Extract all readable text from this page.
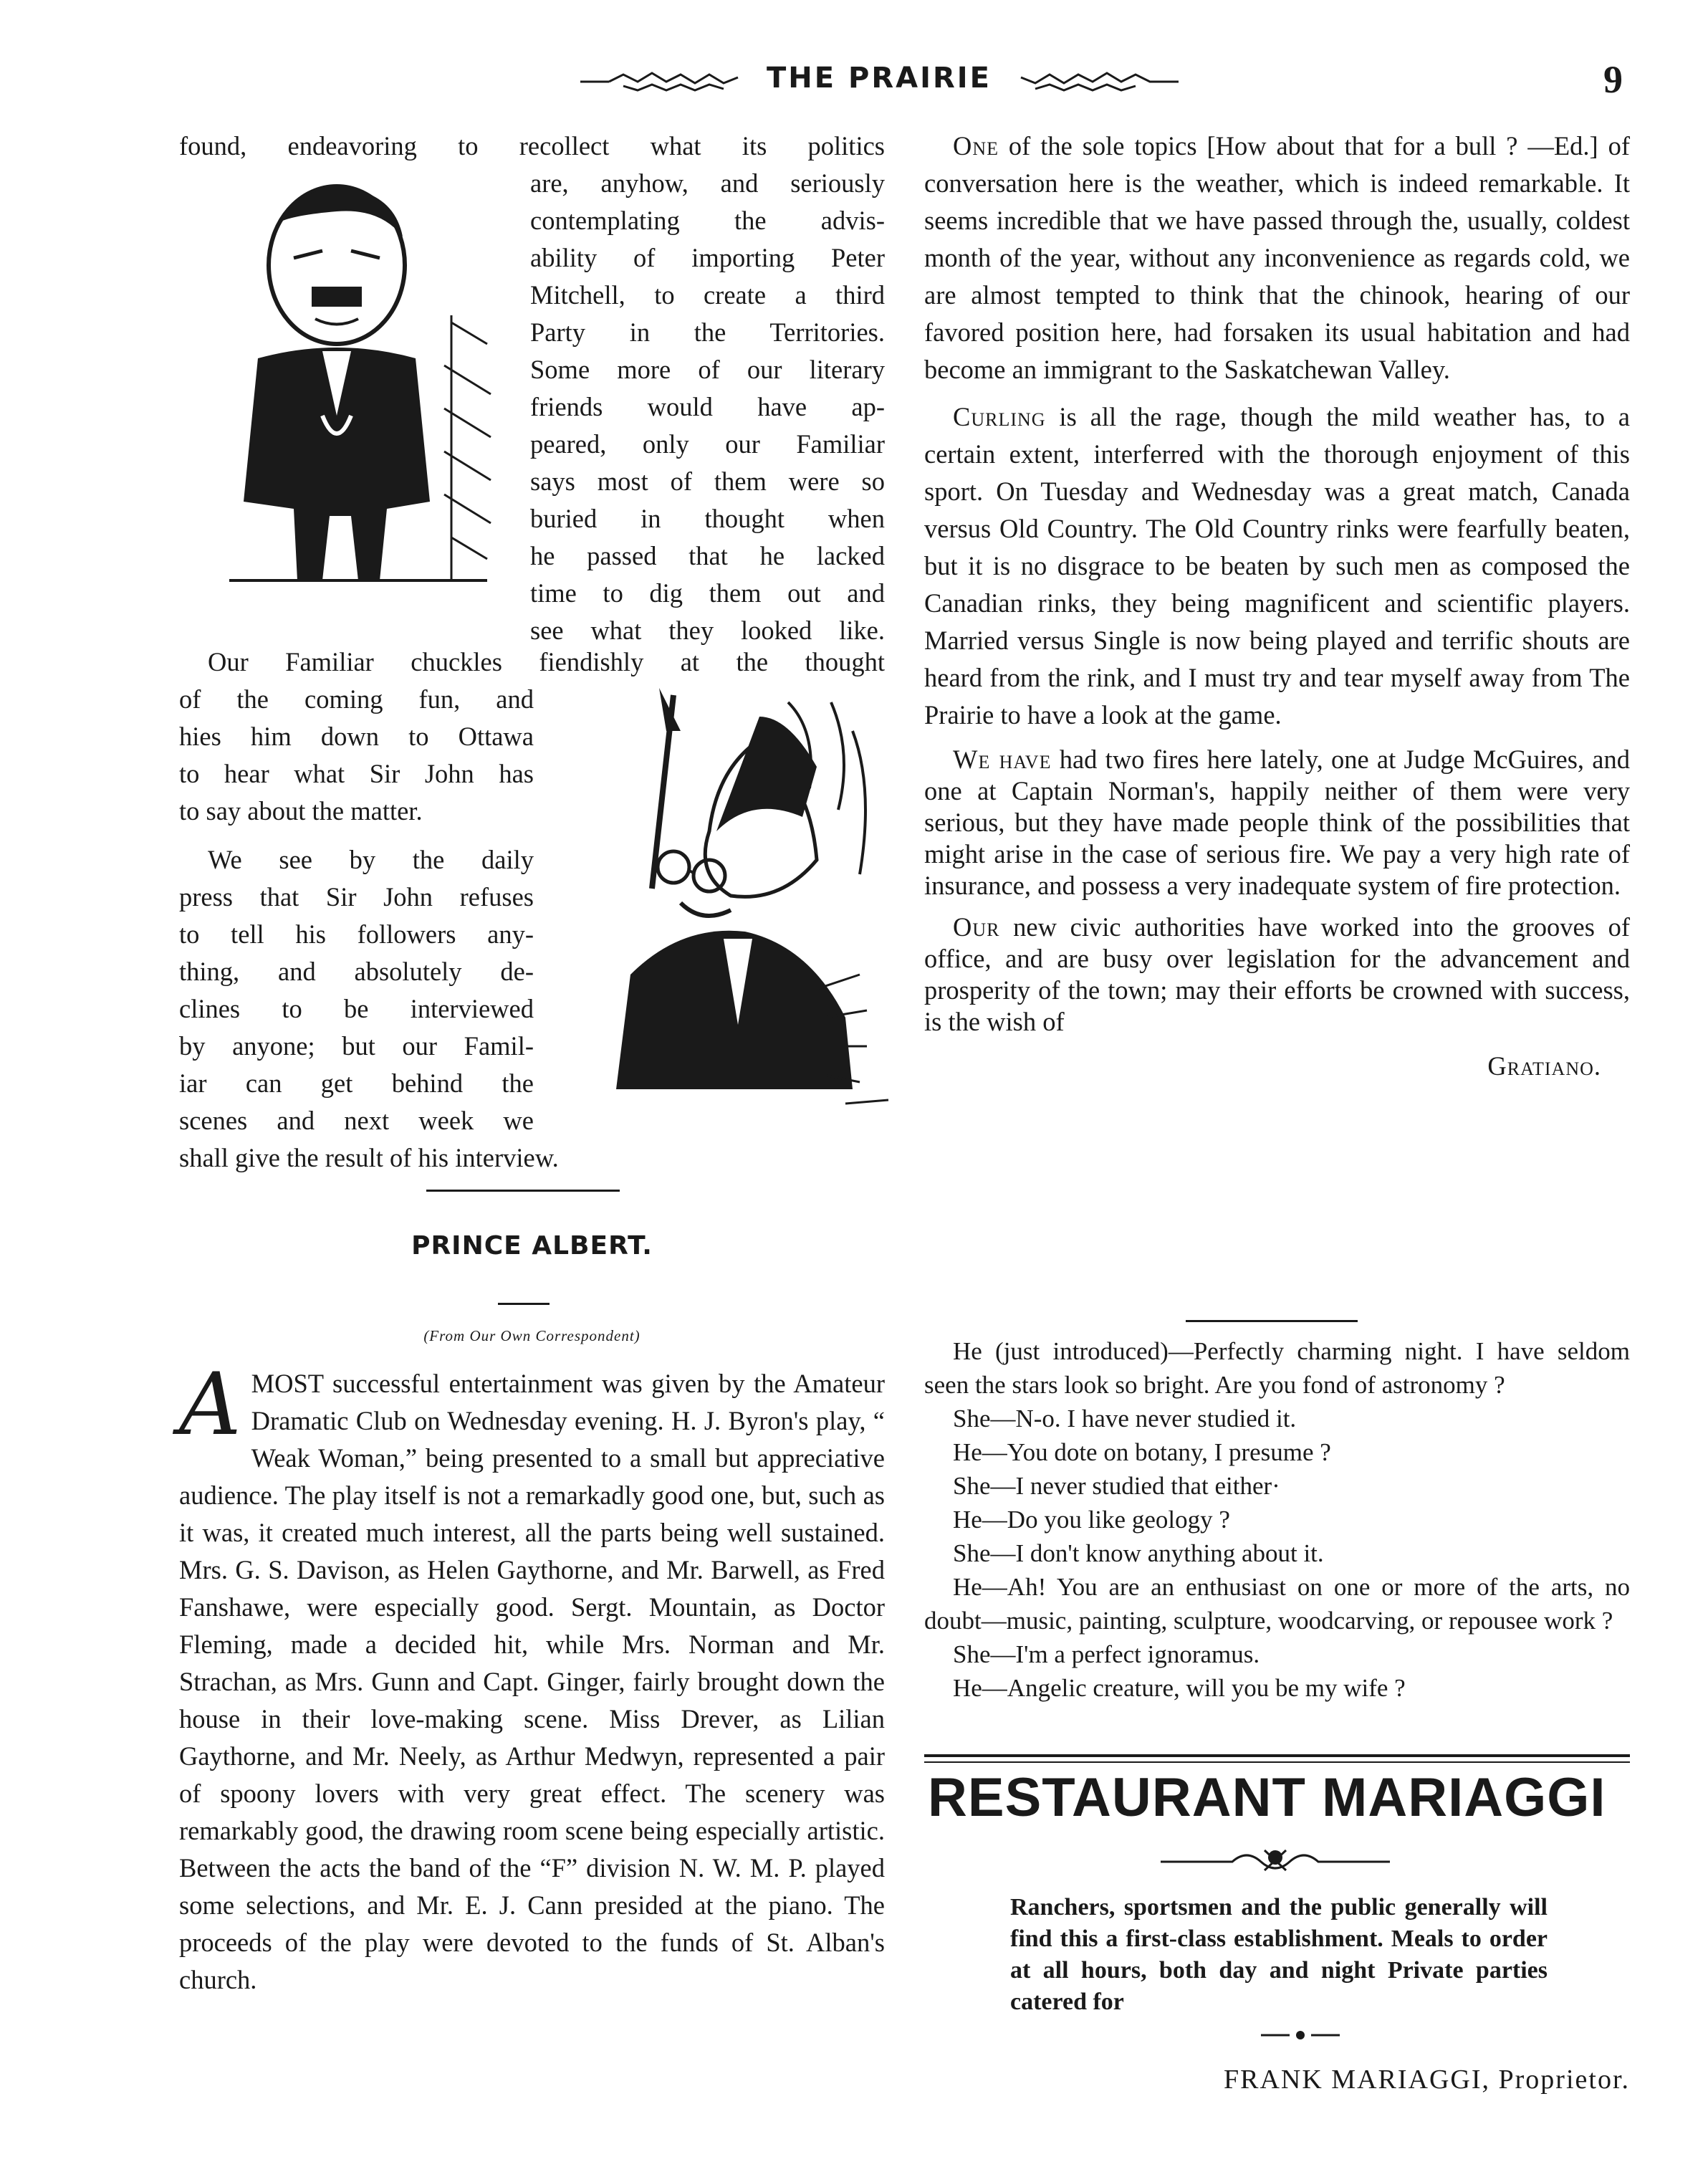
THE PRAIRIE	9
found, endeavoring to recollect what its politics
are, anyhow, and seriously
contemplating the advis-
ability of importing Peter
Mitchell, to create a third
Party in the Territories.
Some more of our literary
friends would have ap-
peared, only our Familiar
says most of them were so
buried in thought when
he passed that he lacked
time to dig them out and
see what they looked like.
Our Familiar chuckles fiendishly at the thought
of the coming fun, and
hies him down to Ottawa
to hear what Sir John has
to say about the matter.
We see by the daily
press that Sir John refuses
to tell his followers any-
thing, and absolutely de-
clines to be interviewed
by anyone; but our Famil-
iar can get behind the
scenes and next week we
shall give the result of his interview.
PRINCE ALBERT.
(From Our Own Correspondent)
A MOST successful entertainment was given by the Amateur Dramatic Club on Wednesday evening. H. J. Byron's play, “ Weak Woman,” being presented to a small but appreciative audience. The play itself is not a remarkadly good one, but, such as it was, it created much interest, all the parts being well sustained. Mrs. G. S. Davison, as Helen Gaythorne, and Mr. Barwell, as Fred Fanshawe, were especially good. Sergt. Mountain, as Doctor Fleming, made a decided hit, while Mrs. Norman and Mr. Strachan, as Mrs. Gunn and Capt. Ginger, fairly brought down the house in their love-making scene. Miss Drever, as Lilian Gaythorne, and Mr. Neely, as Arthur Medwyn, represented a pair of spoony lovers with very great effect. The scenery was remarkably good, the drawing room scene being especially artistic. Between the acts the band of the “F” division N. W. M. P. played some selections, and Mr. E. J. Cann presided at the piano. The proceeds of the play were devoted to the funds of St. Alban's church.

One of the sole topics [How about that for a bull ? —Ed.] of conversation here is the weather, which is indeed remarkable. It seems incredible that we have passed through the, usually, coldest month of the year, without any inconvenience as regards cold, we are almost tempted to think that the chinook, hearing of our favored position here, had forsaken its usual habitation and had become an immigrant to the Saskatchewan Valley.

Curling is all the rage, though the mild weather has, to a certain extent, interferred with the thorough enjoyment of this sport. On Tuesday and Wednesday was a great match, Canada versus Old Country. The Old Country rinks were fearfully beaten, but it is no disgrace to be beaten by such men as composed the Canadian rinks, they being magnificent and scientific players. Married versus Single is now being played and terrific shouts are heard from the rink, and I must try and tear myself away from The Prairie to have a look at the game.

We have had two fires here lately, one at Judge McGuires, and one at Captain Norman's, happily neither of them were very serious, but they have made people think of the possibilities that might arise in the case of serious fire. We pay a very high rate of insurance, and possess a very inadequate system of fire protection.

Our new civic authorities have worked into the grooves of office, and are busy over legislation for the advancement and prosperity of the town; may their efforts be crowned with success, is the wish of

Gratiano.
He (just introduced)—Perfectly charming night. I have seldom seen the stars look so bright. Are you fond of astronomy ?
She—N-o. I have never studied it.
He—You dote on botany, I presume ?
She—I never studied that either·
He—Do you like geology ?
She—I don't know anything about it.
He—Ah! You are an enthusiast on one or more of the arts, no doubt—music, painting, sculpture, woodcarving, or repousee work ?
She—I'm a perfect ignoramus.
He—Angelic creature, will you be my wife ?
RESTAURANT MARIAGGI
Ranchers, sportsmen and the public generally will find this a first-class establishment. Meals to order at all hours, both day and night Private parties catered for
FRANK MARIAGGI, Proprietor.
